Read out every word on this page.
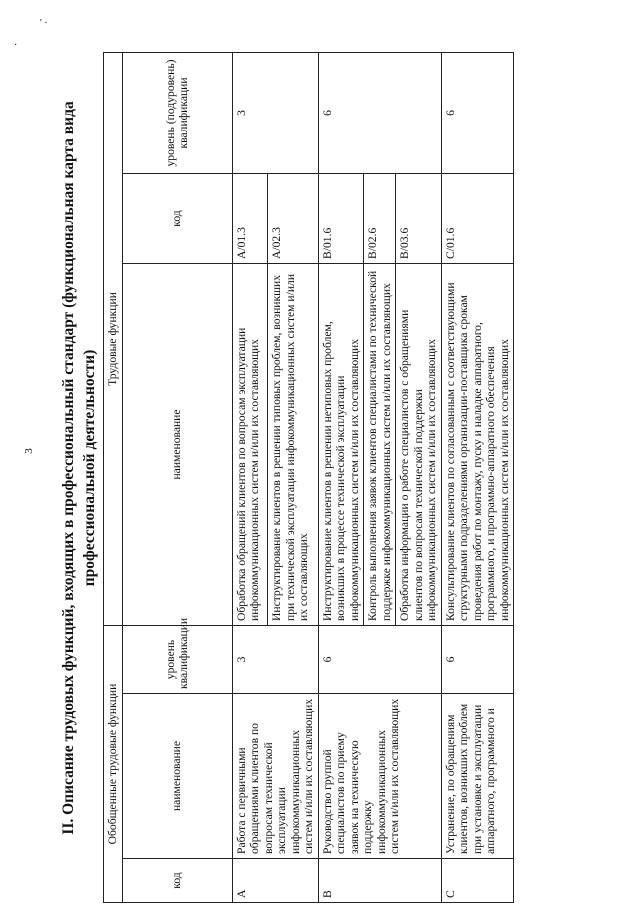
' ·
·
3 II. Описание трудовых функций, входящих в профессиональный стандарт (функциональная карта вида профессиональной деятельности)
Обобщенные трудовые функции			Трудовые функции		
код	наименование	уровень квалификации	наименование	код	уровень (подуровень) квалификации
A	Работа с первичными обращениями клиентов по вопросам технической эксплуатации инфокоммуникационных систем и/или их составляющих	3	Обработка обращений клиентов по вопросам эксплуатации инфокоммуникационных систем и/или их составляющих	A/01.3	3
			Инструктирование клиентов в решении типовых проблем, возникших при технической эксплуатации инфокоммуникационных систем и/или их составляющих	A/02.3	
B	Руководство группой специалистов по приему заявок на техническую поддержку инфокоммуникационных систем и/или их составляющих	6	Инструктирование клиентов в решении нетиповых проблем, возникших в процессе технической эксплуатации инфокоммуникационных систем и/или их составляющих	B/01.6	6
			Контроль выполнения заявок клиентов специалистами по технической поддержке инфокоммуникационных систем и/или их составляющих	B/02.6	
			Обработка информации о работе специалистов с обращениями клиентов по вопросам технической поддержки инфокоммуникационных систем и/или их составляющих	B/03.6	
C	Устранение, по обращениям клиентов, возникших проблем при установке и эксплуатации аппаратного, программного и	6	Консультирование клиентов по согласованным с соответствующими структурными подразделениями организации-поставщика срокам проведения работ по монтажу, пуску и наладке аппаратного, программного, и программно-аппаратного обеспечения инфокоммуникационных систем и/или их составляющих	C/01.6	6
